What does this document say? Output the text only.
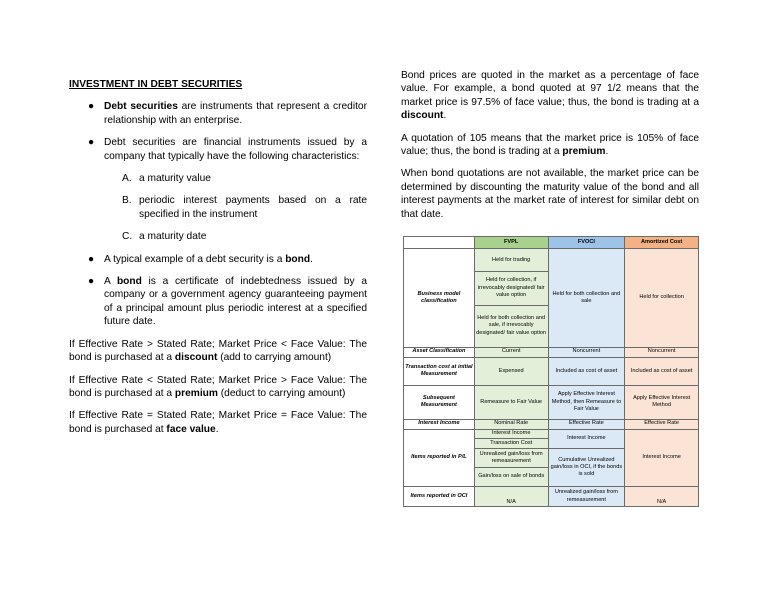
INVESTMENT IN DEBT SECURITIES
● Debt securities are instruments that represent a creditor relationship with an enterprise.
● Debt securities are financial instruments issued by a company that typically have the following characteristics:
A. a maturity value
B. periodic interest payments based on a rate specified in the instrument
C. a maturity date
● A typical example of a debt security is a bond.
● A bond is a certificate of indebtedness issued by a company or a government agency guaranteeing payment of a principal amount plus periodic interest at a specified future date.

If Effective Rate > Stated Rate; Market Price < Face Value: The bond is purchased at a discount (add to carrying amount)

If Effective Rate < Stated Rate; Market Price > Face Value: The bond is purchased at a premium (deduct to carrying amount)

If Effective Rate = Stated Rate; Market Price = Face Value: The bond is purchased at face value.

Bond prices are quoted in the market as a percentage of face value. For example, a bond quoted at 97 1/2 means that the market price is 97.5% of face value; thus, the bond is trading at a discount.

A quotation of 105 means that the market price is 105% of face value; thus, the bond is trading at a premium.

When bond quotations are not available, the market price can be determined by discounting the maturity value of the bond and all interest payments at the market rate of interest for similar debt on that date.

	FVPL	FVOCI	Amortized Cost
Business model classification	Held for trading	Held for both collection and sale	Held for collection
	Held for collection, if irrevocably designated/ fair value option		
	Held for both collection and sale, if irrevocably designated/ fair value option		
Asset Classification	Current	Noncurrent	Noncurrent
Transaction cost at initial Measurement	Expensed	Included as cost of asset	Included as cost of asset
Subsequent Measurement	Remeasure to Fair Value	Apply Effective Interest Method, then Remeasure to Fair Value	Apply Effective Interest Method
Interest Income	Nominal Rate	Effective Rate	Effective Rate
Items reported in P/L	Interest Income	Interest Income	Interest Income
	Transaction Cost		
	Unrealized gain/loss from remeasurement	Cumulative Unrealized gain/loss in OCI, if the bonds is sold	
	Gain/loss on sale of bonds		
Items reported in OCI	N/A	Unrealized gain/loss from remeasurement	N/A
